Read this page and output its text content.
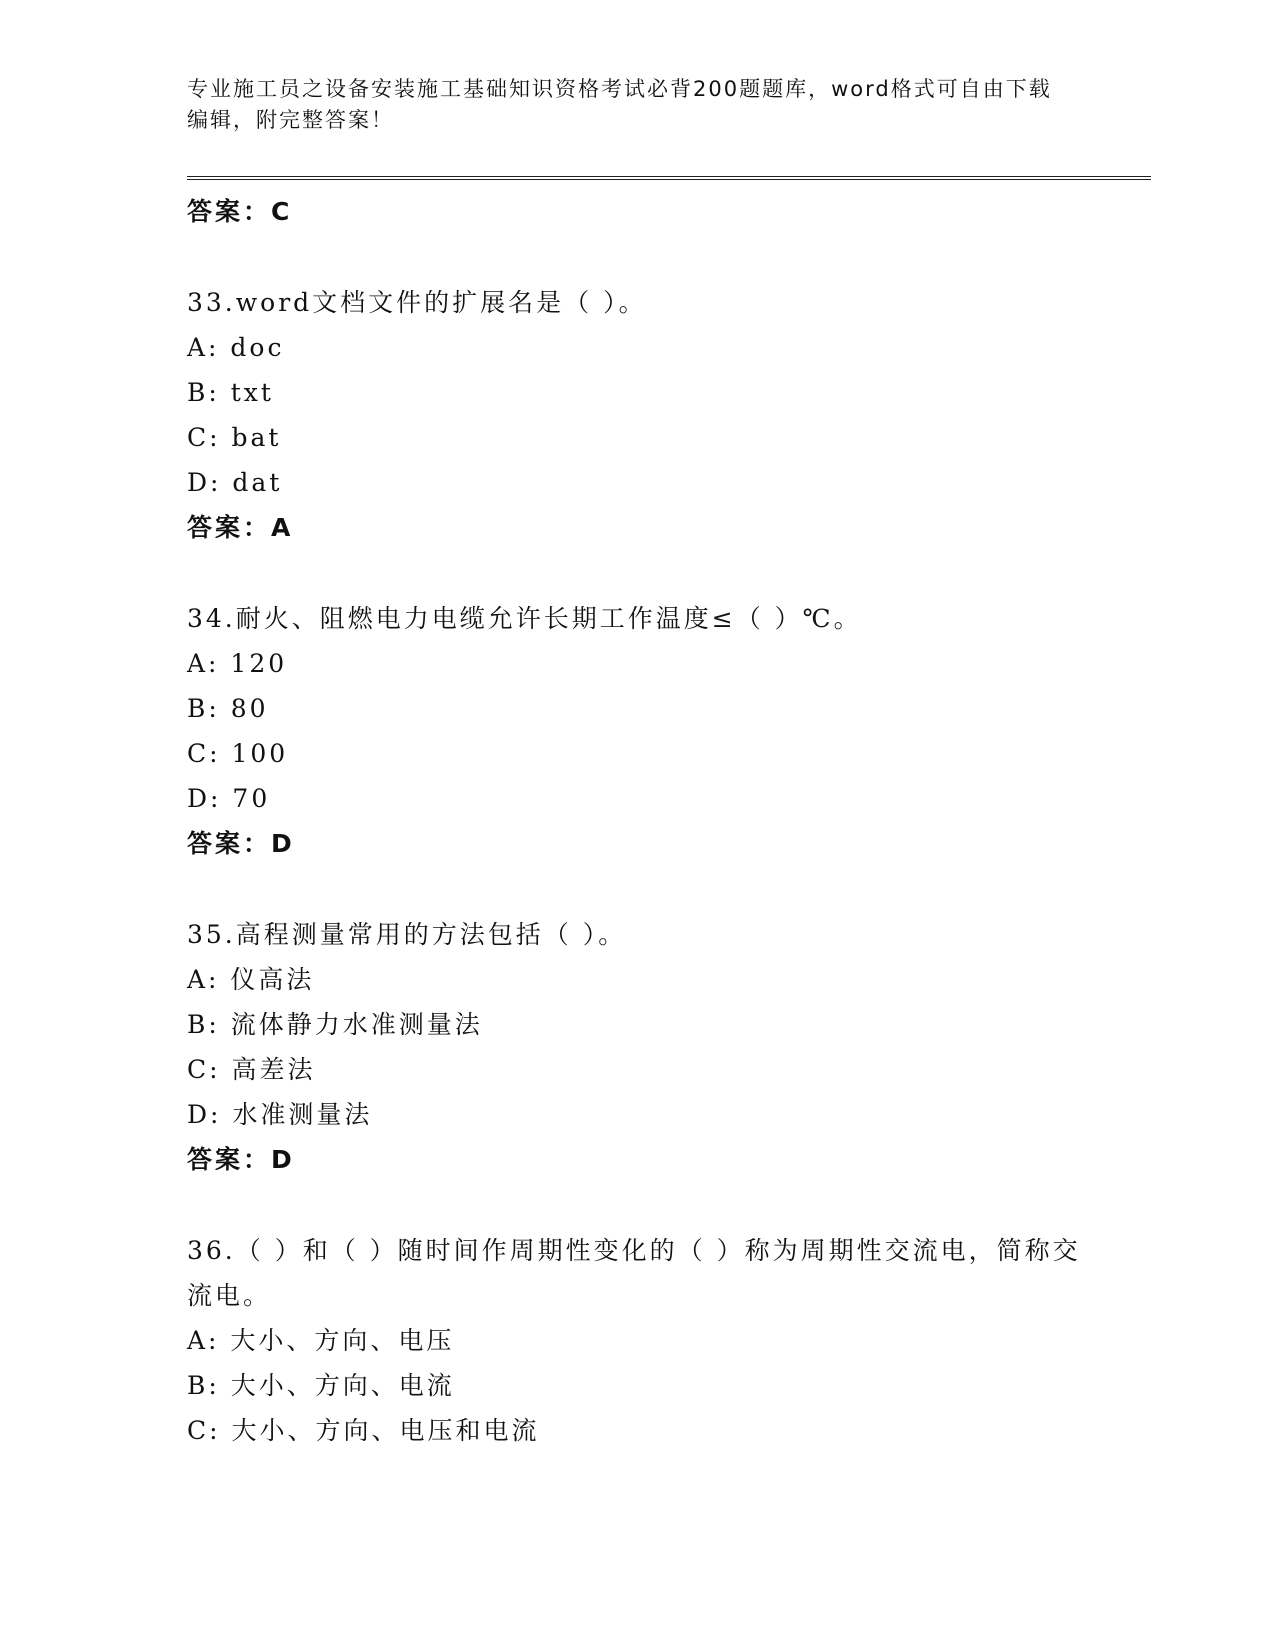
专业施工员之设备安装施工基础知识资格考试必背200题题库，word格式可自由下载编辑，附完整答案！
答案：C
33.word文档文件的扩展名是（ ）。
A: doc
B: txt
C: bat
D: dat
答案：A
34.耐火、阻燃电力电缆允许长期工作温度≤（ ）℃。
A: 120
B: 80
C: 100
D: 70
答案：D
35.高程测量常用的方法包括（ ）。
A: 仪高法
B: 流体静力水准测量法
C: 高差法
D: 水准测量法
答案：D
36.（ ）和（ ）随时间作周期性变化的（ ）称为周期性交流电，简称交流电。
A: 大小、方向、电压
B: 大小、方向、电流
C: 大小、方向、电压和电流
